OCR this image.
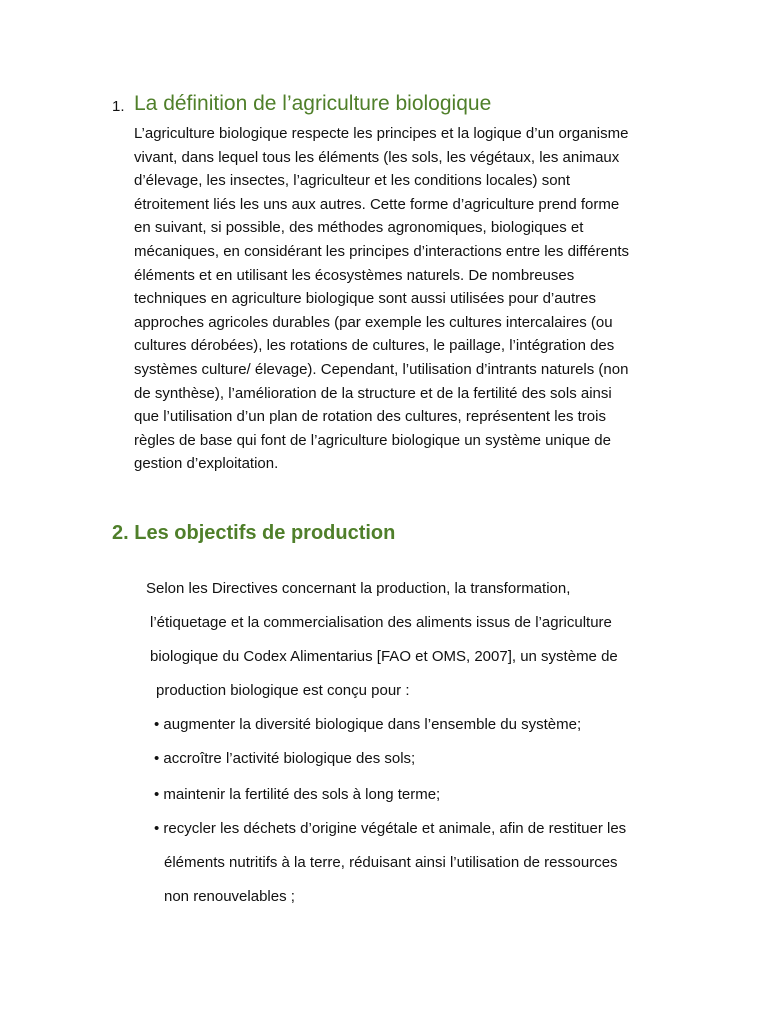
1. La définition de l’agriculture biologique
L’agriculture biologique respecte les principes et la logique d’un organisme
vivant, dans lequel tous les éléments (les sols, les végétaux, les animaux
d’élevage, les insectes, l’agriculteur et les conditions locales) sont
étroitement liés les uns aux autres. Cette forme d’agriculture prend forme
en suivant, si possible, des méthodes agronomiques, biologiques et
mécaniques, en considérant les principes d’interactions entre les différents
éléments et en utilisant les écosystèmes naturels. De nombreuses
techniques en agriculture biologique sont aussi utilisées pour d’autres
approches agricoles durables (par exemple les cultures intercalaires (ou
cultures dérobées), les rotations de cultures, le paillage, l’intégration des
systèmes culture/ élevage). Cependant, l’utilisation d’intrants naturels (non
de synthèse), l’amélioration de la structure et de la fertilité des sols ainsi
que l’utilisation d’un plan de rotation des cultures, représentent les trois
règles de base qui font de l’agriculture biologique un système unique de
gestion d’exploitation.
2. Les objectifs de production

Selon les Directives concernant la production, la transformation,

l’étiquetage et la commercialisation des aliments issus de l’agriculture

biologique du Codex Alimentarius [FAO et OMS, 2007], un système de

production biologique est conçu pour :

• augmenter la diversité biologique dans l’ensemble du système;

• accroître l’activité biologique des sols;

• maintenir la fertilité des sols à long terme;

• recycler les déchets d’origine végétale et animale, afin de restituer les

éléments nutritifs à la terre, réduisant ainsi l’utilisation de ressources

non renouvelables ;
